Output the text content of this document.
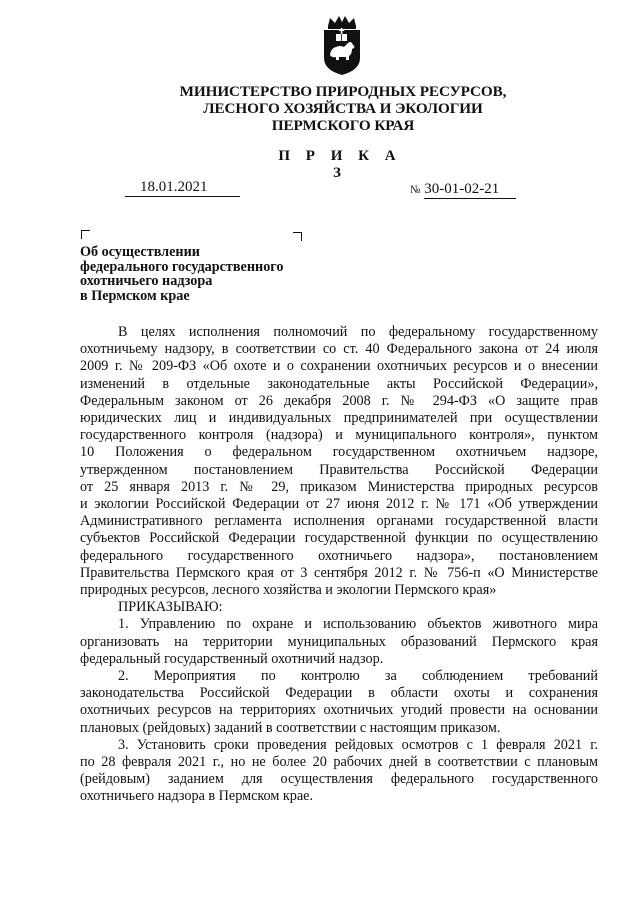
МИНИСТЕРСТВО ПРИРОДНЫХ РЕСУРСОВ,
ЛЕСНОГО ХОЗЯЙСТВА И ЭКОЛОГИИ
ПЕРМСКОГО КРАЯ
П Р И К А З
18.01.2021	№ 30-01-02-21
Об осуществлении
федерального государственного
охотничьего надзора
в Пермском крае
В целях исполнения полномочий по федеральному государственному
охотничьему надзору, в соответствии со ст. 40 Федерального закона от 24 июля
2009 г. № 209-ФЗ «Об охоте и о сохранении охотничьих ресурсов и о внесении
изменений в отдельные законодательные акты Российской Федерации»,
Федеральным законом от 26 декабря 2008 г. № 294-ФЗ «О защите прав
юридических лиц и индивидуальных предпринимателей при осуществлении
государственного контроля (надзора) и муниципального контроля», пунктом
10 Положения о федеральном государственном охотничьем надзоре,
утвержденном постановлением Правительства Российской Федерации
от 25 января 2013 г. № 29, приказом Министерства природных ресурсов
и экологии Российской Федерации от 27 июня 2012 г. № 171 «Об утверждении
Административного регламента исполнения органами государственной власти
субъектов Российской Федерации государственной функции по осуществлению
федерального государственного охотничьего надзора», постановлением
Правительства Пермского края от 3 сентября 2012 г. № 756-п «О Министерстве
природных ресурсов, лесного хозяйства и экологии Пермского края»
ПРИКАЗЫВАЮ:
1. Управлению по охране и использованию объектов животного мира
организовать на территории муниципальных образований Пермского края
федеральный государственный охотничий надзор.
2. Мероприятия по контролю за соблюдением требований
законодательства Российской Федерации в области охоты и сохранения
охотничьих ресурсов на территориях охотничьих угодий провести на основании
плановых (рейдовых) заданий в соответствии с настоящим приказом.
3. Установить сроки проведения рейдовых осмотров с 1 февраля 2021 г.
по 28 февраля 2021 г., но не более 20 рабочих дней в соответствии с плановым
(рейдовым) заданием для осуществления федерального государственного
охотничьего надзора в Пермском крае.
